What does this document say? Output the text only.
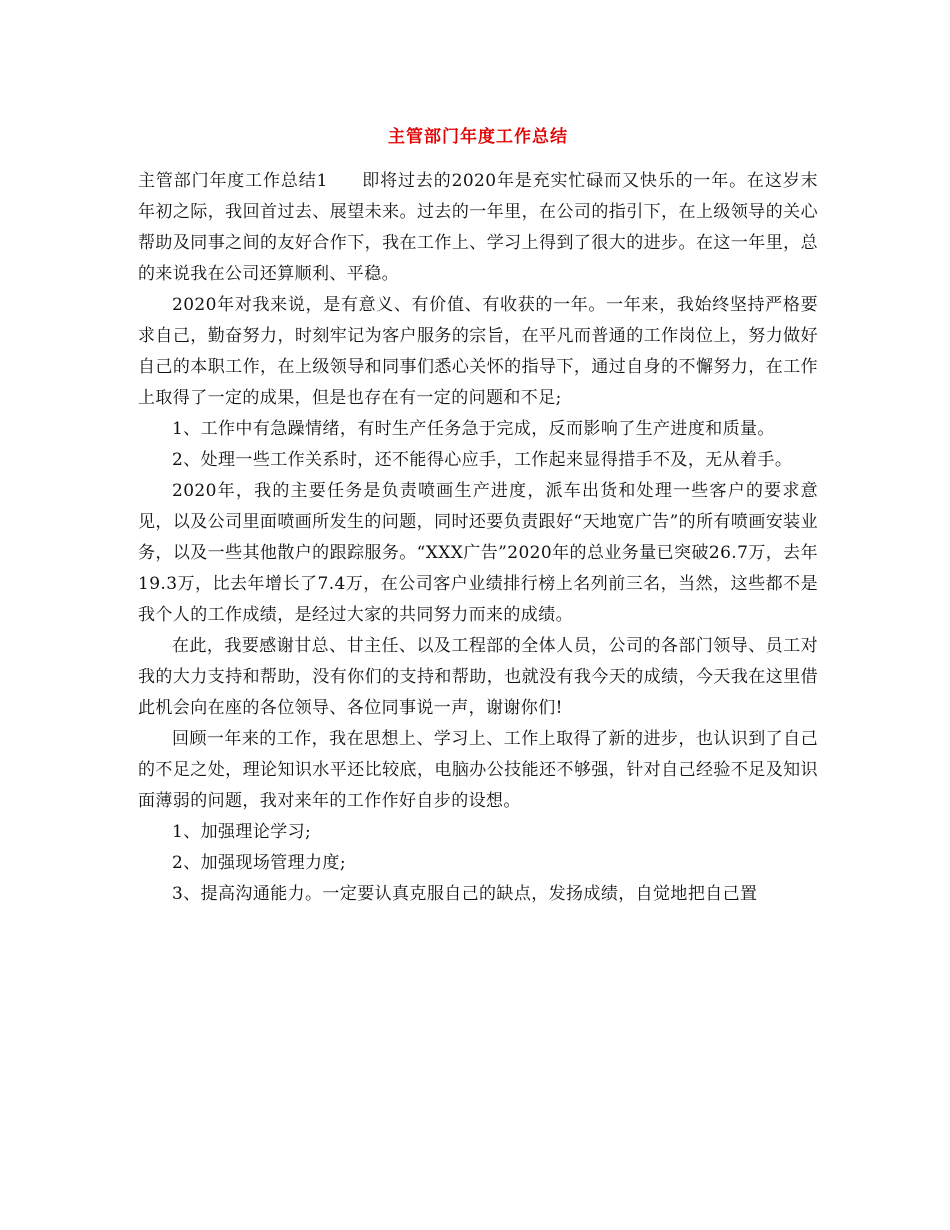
主管部门年度工作总结

主管部门年度工作总结1 即将过去的2020年是充实忙碌而又快乐的一年。在这岁末年初之际，我回首过去、展望未来。过去的一年里，在公司的指引下，在上级领导的关心帮助及同事之间的友好合作下，我在工作上、学习上得到了很大的进步。在这一年里，总的来说我在公司还算顺利、平稳。

2020年对我来说，是有意义、有价值、有收获的一年。一年来，我始终坚持严格要求自己，勤奋努力，时刻牢记为客户服务的宗旨，在平凡而普通的工作岗位上，努力做好自己的本职工作，在上级领导和同事们悉心关怀的指导下，通过自身的不懈努力，在工作上取得了一定的成果，但是也存在有一定的问题和不足;

1、工作中有急躁情绪，有时生产任务急于完成，反而影响了生产进度和质量。

2、处理一些工作关系时，还不能得心应手，工作起来显得措手不及，无从着手。

2020年，我的主要任务是负责喷画生产进度，派车出货和处理一些客户的要求意见，以及公司里面喷画所发生的问题，同时还要负责跟好“天地宽广告”的所有喷画安装业务，以及一些其他散户的跟踪服务。“XXX广告”2020年的总业务量已突破26.7万，去年19.3万，比去年增长了7.4万，在公司客户业绩排行榜上名列前三名，当然，这些都不是我个人的工作成绩，是经过大家的共同努力而来的成绩。

在此，我要感谢甘总、甘主任、以及工程部的全体人员，公司的各部门领导、员工对我的大力支持和帮助，没有你们的支持和帮助，也就没有我今天的成绩，今天我在这里借此机会向在座的各位领导、各位同事说一声，谢谢你们!

回顾一年来的工作，我在思想上、学习上、工作上取得了新的进步，也认识到了自己的不足之处，理论知识水平还比较底，电脑办公技能还不够强，针对自己经验不足及知识面薄弱的问题，我对来年的工作作好自步的设想。

1、加强理论学习;

2、加强现场管理力度;

3、提高沟通能力。一定要认真克服自己的缺点，发扬成绩，自觉地把自己置
